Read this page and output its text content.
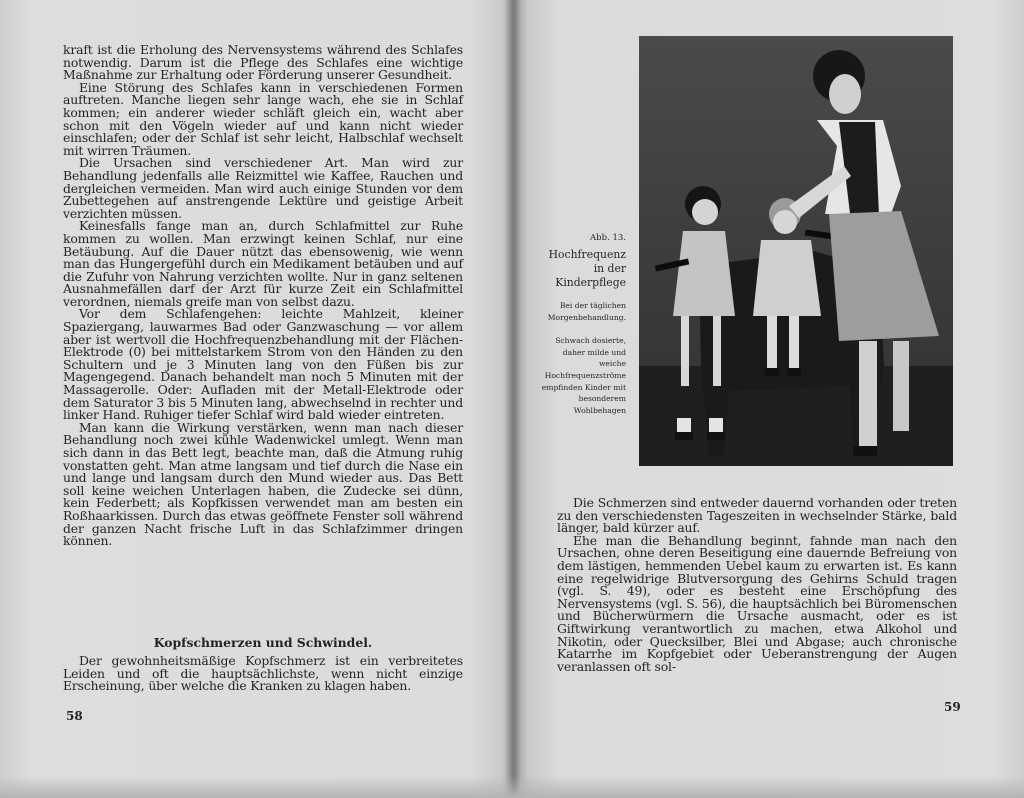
kraft ist die Erholung des Nervensystems während des Schlafes notwendig. Darum ist die Pflege des Schlafes eine wichtige Maßnahme zur Erhaltung oder Förderung unserer Gesundheit.

Eine Störung des Schlafes kann in verschiedenen Formen auftreten. Manche liegen sehr lange wach, ehe sie in Schlaf kommen; ein anderer wieder schläft gleich ein, wacht aber schon mit den Vögeln wieder auf und kann nicht wieder einschlafen; oder der Schlaf ist sehr leicht, Halbschlaf wechselt mit wirren Träumen.

Die Ursachen sind verschiedener Art. Man wird zur Behandlung jedenfalls alle Reizmittel wie Kaffee, Rauchen und dergleichen vermeiden. Man wird auch einige Stunden vor dem Zubettegehen auf anstrengende Lektüre und geistige Arbeit verzichten müssen.

Keinesfalls fange man an, durch Schlafmittel zur Ruhe kommen zu wollen. Man erzwingt keinen Schlaf, nur eine Betäubung. Auf die Dauer nützt das ebensowenig, wie wenn man das Hungergefühl durch ein Medikament betäuben und auf die Zufuhr von Nahrung verzichten wollte. Nur in ganz seltenen Ausnahmefällen darf der Arzt für kurze Zeit ein Schlafmittel verordnen, niemals greife man von selbst dazu.

Vor dem Schlafengehen: leichte Mahlzeit, kleiner Spaziergang, lauwarmes Bad oder Ganzwaschung — vor allem aber ist wertvoll die Hochfrequenzbehandlung mit der Flächen-Elektrode (0) bei mittelstarkem Strom von den Händen zu den Schultern und je 3 Minuten lang von den Füßen bis zur Magengegend. Danach behandelt man noch 5 Minuten mit der Massagerolle. Oder: Aufladen mit der Metall-Elektrode oder dem Saturator 3 bis 5 Minuten lang, abwechselnd in rechter und linker Hand. Ruhiger tiefer Schlaf wird bald wieder eintreten.

Man kann die Wirkung verstärken, wenn man nach dieser Behandlung noch zwei kühle Wadenwickel umlegt. Wenn man sich dann in das Bett legt, beachte man, daß die Atmung ruhig vonstatten geht. Man atme langsam und tief durch die Nase ein und lange und langsam durch den Mund wieder aus. Das Bett soll keine weichen Unterlagen haben, die Zudecke sei dünn, kein Federbett; als Kopfkissen verwendet man am besten ein Roßhaarkissen. Durch das etwas geöffnete Fenster soll während der ganzen Nacht frische Luft in das Schlafzimmer dringen können.

Kopfschmerzen und Schwindel.

Der gewohnheitsmäßige Kopfschmerz ist ein verbreitetes Leiden und oft die hauptsächlichste, wenn nicht einzige Erscheinung, über welche die Kranken zu klagen haben.

58

Abb. 13.

Hochfrequenz in der Kinderpflege

Bei der täglichen Morgenbehandlung.

Schwach dosierte, daher milde und weiche Hochfrequenzströme empfinden Kinder mit besonderem Wohlbehagen

Die Schmerzen sind entweder dauernd vorhanden oder treten zu den verschiedensten Tageszeiten in wechselnder Stärke, bald länger, bald kürzer auf.

Ehe man die Behandlung beginnt, fahnde man nach den Ursachen, ohne deren Beseitigung eine dauernde Befreiung von dem lästigen, hemmenden Uebel kaum zu erwarten ist. Es kann eine regelwidrige Blutversorgung des Gehirns Schuld tragen (vgl. S. 49), oder es besteht eine Erschöpfung des Nervensystems (vgl. S. 56), die hauptsächlich bei Büromenschen und Bücherwürmern die Ursache ausmacht, oder es ist Giftwirkung verantwortlich zu machen, etwa Alkohol und Nikotin, oder Quecksilber, Blei und Abgase; auch chronische Katarrhe im Kopfgebiet oder Ueberanstrengung der Augen veranlassen oft sol-

59
